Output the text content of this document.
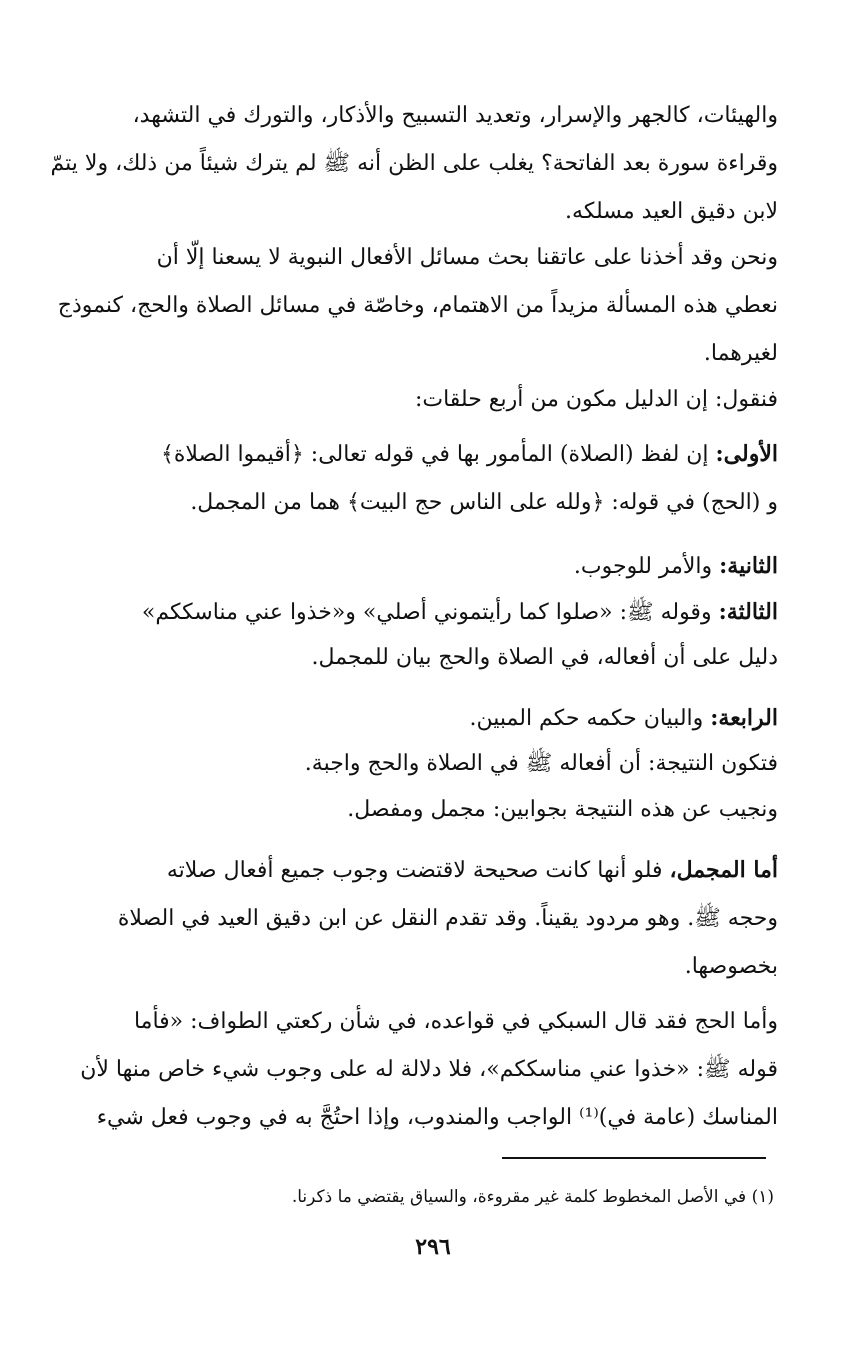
والهيئات، كالجهر والإسرار، وتعديد التسبيح والأذكار، والتورك في التشهد،
وقراءة سورة بعد الفاتحة؟ يغلب على الظن أنه ﷺ لم يترك شيئاً من ذلك، ولا يتمّ
لابن دقيق العيد مسلكه.
ونحن وقد أخذنا على عاتقنا بحث مسائل الأفعال النبوية لا يسعنا إلّا أن
نعطي هذه المسألة مزيداً من الاهتمام، وخاصّة في مسائل الصلاة والحج، كنموذج
لغيرهما.
فنقول: إن الدليل مكون من أربع حلقات:
الأولى: إن لفظ (الصلاة) المأمور بها في قوله تعالى: ﴿أقيموا الصلاة﴾
و (الحج) في قوله: ﴿ولله على الناس حج البيت﴾ هما من المجمل.
الثانية: والأمر للوجوب.
الثالثة: وقوله ﷺ: «صلوا كما رأيتموني أصلي» و«خذوا عني مناسككم»
دليل على أن أفعاله، في الصلاة والحج بيان للمجمل.
الرابعة: والبيان حكمه حكم المبين.
فتكون النتيجة: أن أفعاله ﷺ في الصلاة والحج واجبة.
ونجيب عن هذه النتيجة بجوابين: مجمل ومفصل.
أما المجمل، فلو أنها كانت صحيحة لاقتضت وجوب جميع أفعال صلاته
وحجه ﷺ. وهو مردود يقيناً. وقد تقدم النقل عن ابن دقيق العيد في الصلاة
بخصوصها.
وأما الحج فقد قال السبكي في قواعده، في شأن ركعتي الطواف: «فأما
قوله ﷺ: «خذوا عني مناسككم»، فلا دلالة له على وجوب شيء خاص منها لأن
المناسك (عامة في)⁽¹⁾ الواجب والمندوب، وإذا احتُجَّ به في وجوب فعل شيء
(١) في الأصل المخطوط كلمة غير مقروءة، والسياق يقتضي ما ذكرنا.
٢٩٦
